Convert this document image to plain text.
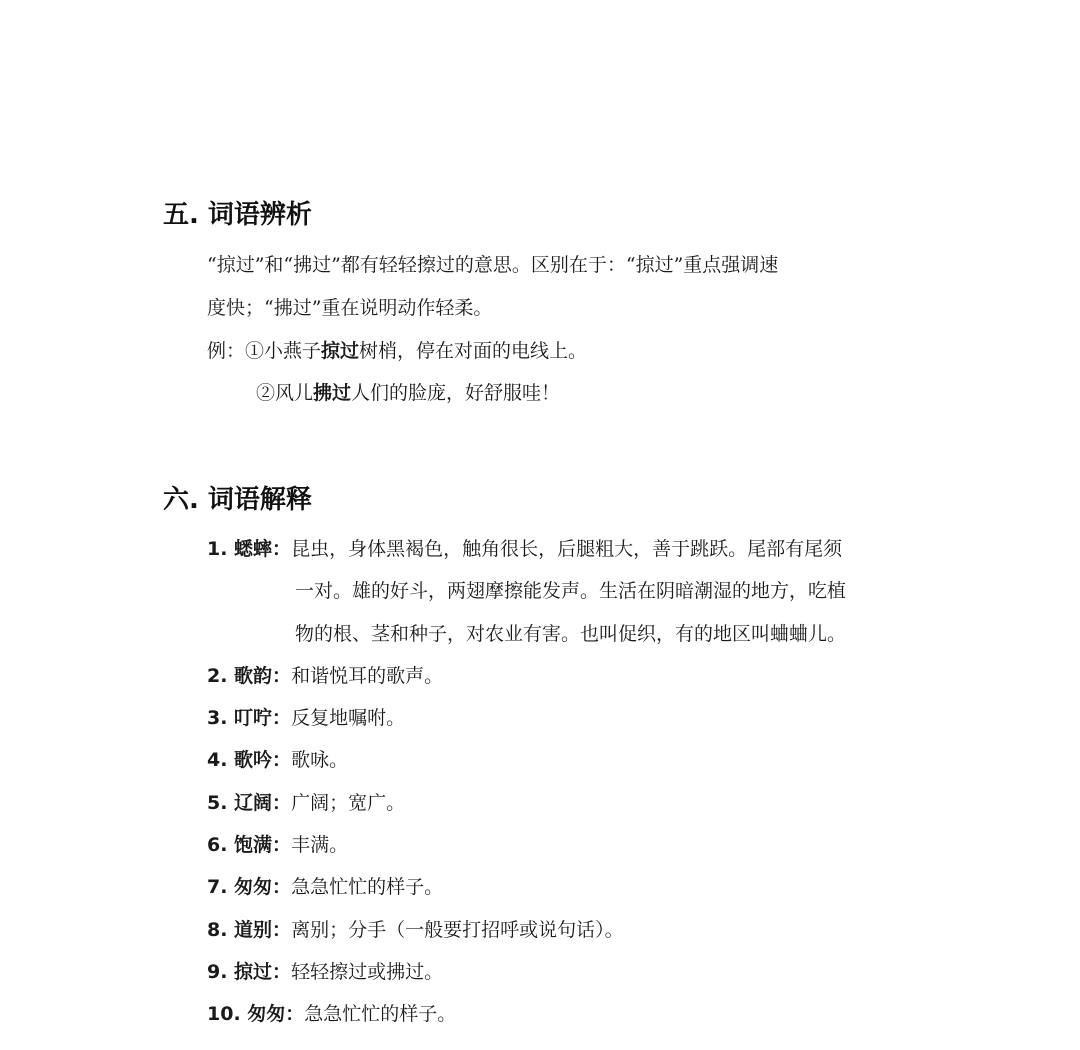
五. 词语辨析
“掠过”和“拂过”都有轻轻擦过的意思。区别在于：“掠过”重点强调速
度快；“拂过”重在说明动作轻柔。
例：①小燕子掠过树梢，停在对面的电线上。
②风儿拂过人们的脸庞，好舒服哇！
六. 词语解释
1. 蟋蟀：昆虫，身体黑褐色，触角很长，后腿粗大，善于跳跃。尾部有尾须
一对。雄的好斗，两翅摩擦能发声。生活在阴暗潮湿的地方，吃植
物的根、茎和种子，对农业有害。也叫促织，有的地区叫蛐蛐儿。
2. 歌韵：和谐悦耳的歌声。
3. 叮咛：反复地嘱咐。
4. 歌吟：歌咏。
5. 辽阔：广阔；宽广。
6. 饱满：丰满。
7. 匆匆：急急忙忙的样子。
8. 道别：离别；分手（一般要打招呼或说句话）。
9. 掠过：轻轻擦过或拂过。
10. 匆匆：急急忙忙的样子。
